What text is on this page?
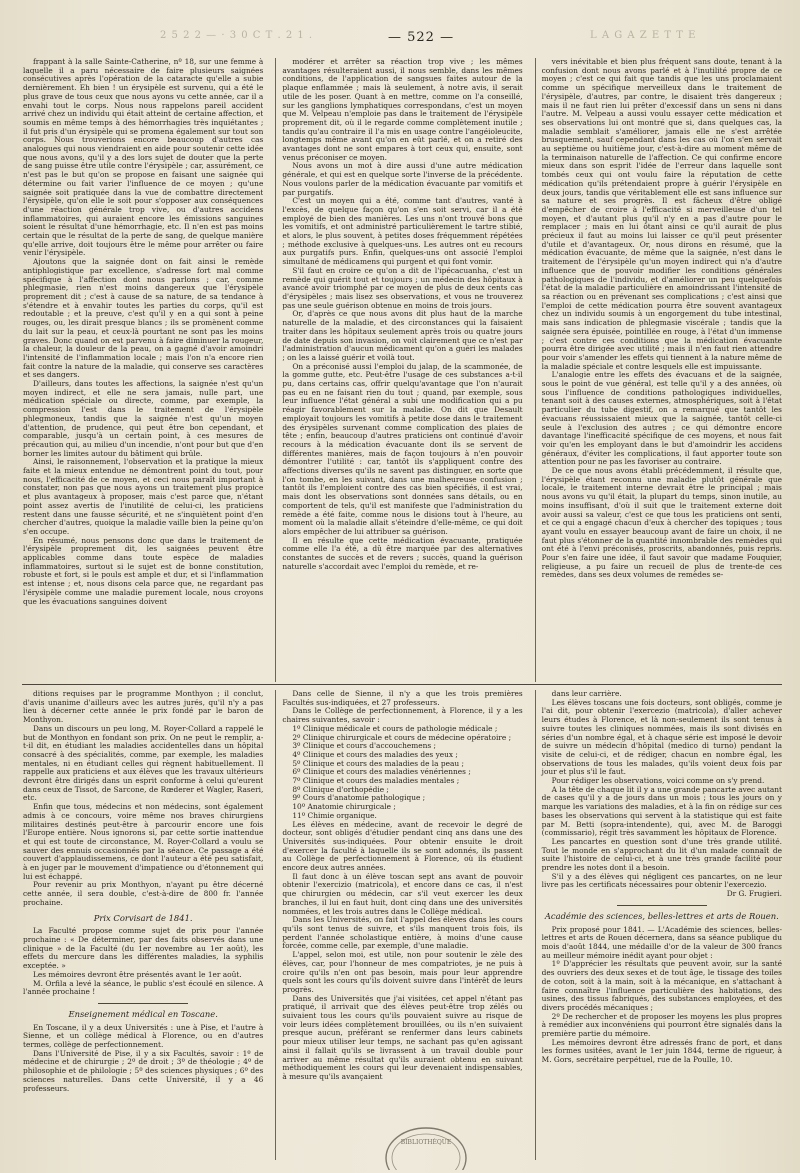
2 5 2 2 — · 3 0 C T . 2 1 .	— 522 —	L A G A Z E T T E

frappant à la salle Sainte-Catherine, nº 18, sur une femme à laquelle il a paru nécessaire de faire plusieurs saignées consécutives après l'opération de la cataracte qu'elle a subie dernièrement. Eh bien ! un érysipèle est survenu, qui a été le plus grave de tous ceux que nous ayons vu cette année, car il a envahi tout le corps. Nous nous rappelons pareil accident arrivé chez un individu qui était atteint de certaine affection, et soumis en même temps à des hémorrhagies très inquiétantes ; il fut pris d'un érysipèle qui se promena également sur tout son corps. Nous trouverions encore beaucoup d'autres cas analogues qui nous viendraient en aide pour soutenir cette idée que nous avons, qu'il y a des lors sujet de douter que la perte de sang puisse être utile contre l'érysipèle ; car, assurément, ce n'est pas le but qu'on se propose en faisant une saignée qui détermine ou fait varier l'influence de ce moyen ; qu'une saignée soit pratiquée dans la vue de combattre directement l'érysipèle, qu'on elle le soit pour s'opposer aux conséquences d'une réaction générale trop vive, ou d'autres accidens inflammatoires, qui auraient encore les émissions sanguines soient le résultat d'une hémorrhagie, etc. Il n'en est pas moins certain que le résultat de la perte de sang, de quelque manière qu'elle arrive, doit toujours être le même pour arrêter ou faire venir l'érysipèle.

Ajoutons que la saignée dont on fait ainsi le remède antiphlogistique par excellence, s'adresse fort mal comme spécifique à l'affection dont nous parlons ; car, comme phlegmasie, rien n'est moins dangereux que l'érysipèle proprement dit ; c'est à cause de sa nature, de sa tendance à s'étendre et à envahir toutes les parties du corps, qu'il est redoutable ; et la preuve, c'est qu'il y en a qui sont à peine rouges, ou, les dirait presque blancs ; ils se promènent comme du lait sur la peau, et ceux-là pourtant ne sont pas les moins graves. Donc quand on est parvenu à faire diminuer la rougeur, la chaleur, la douleur de la peau, on a gagné d'avoir amoindri l'intensité de l'inflammation locale ; mais l'on n'a encore rien fait contre la nature de la maladie, qui conserve ses caractères et ses dangers.

D'ailleurs, dans toutes les affections, la saignée n'est qu'un moyen indirect, et elle ne sera jamais, nulle part, une médication spéciale ou directe, comme, par exemple, la compression l'est dans le traitement de l'érysipèle phlegmoneux, tandis que la saignée n'est qu'un moyen d'attention, de prudence, qui peut être bon cependant, et comparable, jusqu'à un certain point, à ces mesures de précaution qui, au milieu d'un incendie, n'ont pour but que d'en borner les limites autour du bâtiment qui brûle.

Ainsi, le raisonnement, l'observation et la pratique la mieux faite et la mieux entendue ne démontrent point du tout, pour nous, l'efficacité de ce moyen, et ceci nous paraît important à constater, non pas que nous ayons un traitement plus propice et plus avantageux à proposer, mais c'est parce que, n'étant point assez avertis de l'inutilité de celui-ci, les praticiens restent dans une fausse sécurité, et ne s'inquiètent point d'en chercher d'autres, quoique la maladie vaille bien la peine qu'on s'en occupe.

En résumé, nous pensons donc que dans le traitement de l'érysipèle proprement dit, les saignées peuvent être applicables comme dans toute espèce de maladies inflammatoires, surtout si le sujet est de bonne constitution, robuste et fort, si le pouls est ample et dur, et si l'inflammation est intense ; et, nous disons cela parce que, ne regardant pas l'érysipèle comme une maladie purement locale, nous croyons que les évacuations sanguines doivent

modérer et arrêter sa réaction trop vive ; les mêmes avantages résulteraient aussi, il nous semble, dans les mêmes conditions, de l'application de sangsues faites autour de la plaque enflammée ; mais là seulement, à notre avis, il serait utile de les poser. Quant à en mettre, comme on l'a conseillé, sur les ganglions lymphatiques correspondans, c'est un moyen que M. Velpeau n'emploie pas dans le traitement de l'érysipèle proprement dit, où il le regarde comme complètement inutile ; tandis qu'au contraire il l'a mis en usage contre l'angéioleucite, longtemps même avant qu'on en eût parlé, et on a retiré des avantages dont ne sont empares à tort ceux qui, ensuite, sont venus préconiser ce moyen.

Nous avons un mot à dire aussi d'une autre médication générale, et qui est en quelque sorte l'inverse de la précédente. Nous voulons parler de la médication évacuante par vomitifs et par purgatifs.

C'est un moyen qui a été, comme tant d'autres, vanté à l'excès, de quelque façon qu'on s'en soit servi, car il a été employé de bien des manières. Les uns n'ont trouvé bons que les vomitifs, et ont administré particulièrement le tartre stibié, et alors, le plus souvent, à petites doses fréquemment répétées ; méthode exclusive à quelques-uns. Les autres ont eu recours aux purgatifs purs. Enfin, quelques-uns ont associé l'emploi simultané de médicamens qui purgent et qui font vomir.

S'il faut en croire ce qu'on a dit de l'ipécacuanha, c'est un remède qui guérit tout et toujours ; un médecin des hôpitaux à avancé avoir triomphé par ce moyen de plus de deux cents cas d'érysipèles ; mais lisez ses observations, et vous ne trouverez pas une seule guérison obtenue en moins de trois jours.

Or, d'après ce que nous avons dit plus haut de la marche naturelle de la maladie, et des circonstances qui la faisaient traiter dans les hôpitaux seulement après trois ou quatre jours de date depuis son invasion, on voit clairement que ce n'est par l'administration d'aucun médicament qu'on a guéri les malades ; on les a laissé guérir et voilà tout.

On a préconisé aussi l'emploi du jalap, de la scammonée, de la gomme gutte, etc. Peut-être l'usage de ces substances a-t-il pu, dans certains cas, offrir quelqu'avantage que l'on n'aurait pas eu en ne faisant rien du tout ; quand, par exemple, sous leur influence l'état général a subi une modification qui a pu réagir favorablement sur la maladie. On dit que Desault employait toujours les vomitifs à petite dose dans le traitement des érysipèles survenant comme complication des plaies de tête ; enfin, beaucoup d'autres praticiens ont continué d'avoir recours à la médication évacuante dont ils se servent de différentes manières, mais de façon toujours à n'en pouvoir démontrer l'utilité : car, tantôt ils s'appliquent contre des affections diverses qu'ils ne savent pas distinguer, en sorte que l'on tombe, en les suivant, dans une malheureuse confusion ; tantôt ils l'emploient contre des cas bien spécifiés, il est vrai, mais dont les observations sont données sans détails, ou en comportent de tels, qu'il est manifeste que l'administration du remède a été faite, comme nous le disions tout à l'heure, au moment où la maladie allait s'éteindre d'elle-même, ce qui doit alors empêcher de lui attribuer sa guérison.

Il en résulte que cette médication évacuante, pratiquée comme elle l'a été, a dû être marquée par des alternatives constantes de succès et de revers ; succès, quand la guérison naturelle s'accordait avec l'emploi du remède, et re-

vers inévitable et bien plus fréquent sans doute, tenant à la confusion dont nous avons parlé et à l'inutilité propre de ce moyen ; c'est ce qui fait que tandis que les uns proclamaient comme un spécifique merveilleux dans le traitement de l'érysipèle, d'autres, par contre, le disaient très dangereux ; mais il ne faut rien lui prêter d'excessif dans un sens ni dans l'autre. M. Velpeau a aussi voulu essayer cette médication et ses observations lui ont montré que si, dans quelques cas, la maladie semblait s'améliorer, jamais elle ne s'est arrêtée brusquement, sauf cependant dans les cas où l'on s'en servait au septième ou huitième jour, c'est-à-dire au moment même de la terminaison naturelle de l'affection. Ce qui confirme encore mieux dans son esprit l'idée de l'erreur dans laquelle sont tombés ceux qui ont voulu faire la réputation de cette médication qu'ils prétendaient propre à guérir l'érysipèle en deux jours, tandis que véritablement elle est sans influence sur sa nature et ses progrès. Il est fâcheux d'être obligé d'empêcher de croire à l'efficacité si merveilleuse d'un tel moyen, et d'autant plus qu'il n'y en a pas d'autre pour le remplacer ; mais en lui ôtant ainsi ce qu'il aurait de plus précieux il faut au moins lui laisser ce qu'il peut présenter d'utile et d'avantageux. Or, nous dirons en résumé, que la médication évacuante, de même que la saignée, n'est dans le traitement de l'érysipèle qu'un moyen indirect qui n'a d'autre influence que de pouvoir modifier les conditions générales pathologiques de l'individu, et d'améliorer un peu quelquefois l'état de la maladie particulière en amoindrissant l'intensité de sa réaction ou en prévenant ses complications ; c'est ainsi que l'emploi de cette médication pourra être souvent avantageux chez un individu soumis à un engorgement du tube intestinal, mais sans indication de phlegmasie viscérale ; tandis que la saignée sera épuisée, pointillée en rouge, à l'état d'un immense ; c'est contre ces conditions que la médication évacuante pourra être dirigée avec utilité ; mais il n'en faut rien attendre pour voir s'amender les effets qui tiennent à la nature même de la maladie spéciale et contre lesquels elle est impuissante.

L'analogie entre les effets des évacuans et de la saignée, sous le point de vue général, est telle qu'il y a des années, où sous l'influence de conditions pathologiques individuelles, tenant soit à des causes externes, atmosphériques, soit à l'état particulier du tube digestif, on a remarqué que tantôt les évacuans réussissaient mieux que la saignée, tantôt celle-ci seule à l'exclusion des autres ; ce qui démontre encore davantage l'inefficacité spécifique de ces moyens, et nous fait voir qu'en les employant dans le but d'amoindrir les accidens généraux, d'éviter les complications, il faut apporter toute son attention pour ne pas les favoriser au contraire.

De ce que nous avons établi précédemment, il résulte que, l'érysipèle étant reconnu une maladie plutôt générale que locale, le traitement interne devrait être le principal ; mais nous avons vu qu'il était, la plupart du temps, sinon inutile, au moins insuffisant, d'où il suit que le traitement externe doit avoir aussi sa valeur, c'est ce que tous les praticiens ont senti, et ce qui a engagé chacun d'eux à chercher des topiques ; tous ayant voulu en essayer beaucoup avant de faire un choix, il ne faut plus s'étonner de la quantité innombrable des remèdes qui ont été à l'envi préconisés, proscrits, abandonnés, puis repris. Pour s'en faire une idée, il faut savoir que madame Fouquier, religieuse, a pu faire un recueil de plus de trente-de ces remèdes, dans ses deux volumes de remèdes se-

ditions requises par le programme Monthyon ; il conclut, d'avis unanime d'ailleurs avec les autres jurés, qu'il n'y a pas lieu à décerner cette année le prix fondé par le baron de Monthyon.

Dans un discours un peu long, M. Royer-Collard a rappelé le but de Monthyon en fondant son prix. On ne peut le remplir, a-t-il dit, en étudiant les maladies accidentelles dans un hôpital consacré à des spécialités, comme, par exemple, les maladies mentales, ni en étudiant celles qui règnent habituellement. Il rappelle aux praticiens et aux élèves que les travaux ultérieurs devront être dirigés dans un esprit conforme à celui qu'eurent dans ceux de Tissot, de Sarcone, de Rœderer et Wagler, Raseri, etc.

Enfin que tous, médecins et non médecins, sont également admis à ce concours, voire même nos braves chirurgiens militaires destinés peut-être à parcourir encore une fois l'Europe entière. Nous ignorons si, par cette sortie inattendue et qui est toute de circonstance, M. Royer-Collard a voulu se sauver des ennuis occasionnés par la séance. Ce passage a été couvert d'applaudissemens, ce dont l'auteur a été peu satisfait, à en juger par le mouvement d'impatience ou d'étonnement qui lui est échappé.

Pour revenir au prix Monthyon, n'ayant pu être décerné cette année, il sera double, c'est-à-dire de 800 fr. l'année prochaine.

Prix Corvisart de 1841.

La Faculté propose comme sujet de prix pour l'année prochaine : « De déterminer, par des faits observés dans une clinique » de la Faculté (du 1er novembre au 1er août), les effets du mercure dans les différentes maladies, la syphilis exceptée. »

Les mémoires devront être présentés avant le 1er août.

M. Orfila a levé la séance, le public s'est écoulé en silence. A l'année prochaine !

Enseignement médical en Toscane.

En Toscane, il y a deux Universités : une à Pise, et l'autre à Sienne, et un collège médical à Florence, ou en d'autres termes, collège de perfectionnement.

Dans l'Université de Pise, il y a six Facultés, savoir : 1º de médecine et de chirurgie ; 2º de droit ; 3º de théologie ; 4º de philosophie et de philologie ; 5º des sciences physiques ; 6º des sciences naturelles. Dans cette Université, il y a 46 professeurs.

Dans celle de Sienne, il n'y a que les trois premières Facultés sus-indiquées, et 27 professeurs.

Dans le Collège de perfectionnement, à Florence, il y a les chaires suivantes, savoir :

1º Clinique médicale et cours de pathologie médicale ;

2º Clinique chirurgicale et cours de médecine opératoire ;

3º Clinique et cours d'accouchemens ;

4º Clinique et cours des maladies des yeux ;

5º Clinique et cours des maladies de la peau ;

6º Clinique et cours des maladies vénériennes ;

7º Clinique et cours des maladies mentales ;

8º Clinique d'orthopédie ;

9º Cours d'anatomie pathologique ;

10º Anatomie chirurgicale ;

11º Chimie organique.

Les élèves en médecine, avant de recevoir le degré de docteur, sont obligés d'étudier pendant cinq ans dans une des Universités sus-indiquées. Pour obtenir ensuite le droit d'exercer la faculté à laquelle ils se sont adonnés, ils passent au Collège de perfectionnement à Florence, où ils étudient encore deux autres années.

Il faut donc à un élève toscan sept ans avant de pouvoir obtenir l'exercizio (matricola), et encore dans ce cas, il n'est que chirurgien ou médecin, car s'il veut exercer les deux branches, il lui en faut huit, dont cinq dans une des universités nommées, et les trois autres dans le Collège médical.

Dans les Universités, on fait l'appel des élèves dans les cours qu'ils sont tenus de suivre, et s'ils manquent trois fois, ils perdent l'année scholastique entière, à moins d'une cause forcée, comme celle, par exemple, d'une maladie.

L'appel, selon moi, est utile, non pour soutenir le zèle des élèves, car, pour l'honneur de mes compatriotes, je ne puis à croire qu'ils n'en ont pas besoin, mais pour leur apprendre quels sont les cours qu'ils doivent suivre dans l'intérêt de leurs progrès.

Dans des Universités que j'ai visitées, cet appel n'étant pas pratiqué, il arrivait que des élèves peut-être trop zélés ou suivaient tous les cours qu'ils pouvaient suivre au risque de voir leurs idées complètement brouillées, ou ils n'en suivaient presque aucun, préférant se renfermer dans leurs cabinets pour mieux utiliser leur temps, ne sachant pas qu'en agissant ainsi il fallait qu'ils se livrassent à un travail double pour arriver au même résultat qu'ils auraient obtenu en suivant méthodiquement les cours qui leur devenaient indispensables, à mesure qu'ils avançaient

dans leur carrière.

Les élèves toscans une fois docteurs, sont obligés, comme je l'ai dit, pour obtenir l'exercezio (matricola), d'aller achever leurs études à Florence, et là non-seulement ils sont tenus à suivre toutes les cliniques nommées, mais ils sont divisés en séries d'un nombre égal, et à chaque série est imposé le devoir de suivre un médecin d'hôpital (medico di turno) pendant la visite de celui-ci, et de rédiger, chacun en nombre égal, les observations de tous les malades, qu'ils voient deux fois par jour et plus s'il le faut.

Pour rédiger les observations, voici comme on s'y prend.

A la tête de chaque lit il y a une grande pancarte avec autant de cases qu'il y a de jours dans un mois ; tous les jours on y marque les variations des maladies, et à la fin on rédige sur ces bases les observations qui servent à la statistique qui est faite par M. Betti (sopra-intendente), qui, avec M. de Baroggi (commissario), régit très savamment les hôpitaux de Florence.

Les pancartes en question sont d'une très grande utilité. Tout le monde en s'approchant du lit d'un malade connaît de suite l'histoire de celui-ci, et à une très grande facilité pour prendre les notes dont il a besoin.

S'il y a des élèves qui négligent ces pancartes, on ne leur livre pas les certificats nécessaires pour obtenir l'exercezio.

Dr G. Frugieri.
Académie des sciences, belles-lettres et arts de Rouen.

Prix proposé pour 1841. — L'Académie des sciences, belles-lettres et arts de Rouen décernera, dans sa séance publique du mois d'août 1844, une médaille d'or de la valeur de 300 francs au meilleur mémoire inédit ayant pour objet :

1º D'apprécier les résultats que peuvent avoir, sur la santé des ouvriers des deux sexes et de tout âge, le tissage des toiles de coton, soit à la main, soit à la mécanique, en s'attachant à faire connaître l'influence particulière des habitations, des usines, des tissus fabriqués, des substances employées, et des divers procédés mécaniques ;

2º De rechercher et de proposer les moyens les plus propres à remédier aux inconvéniens qui pourront être signalés dans la première partie du mémoire.

Les mémoires devront être adressés franc de port, et dans les formes usitées, avant le 1er juin 1844, terme de rigueur, à M. Gors, secrétaire perpétuel, rue de la Poulle, 10.

BIBLIOTHÈQUE
